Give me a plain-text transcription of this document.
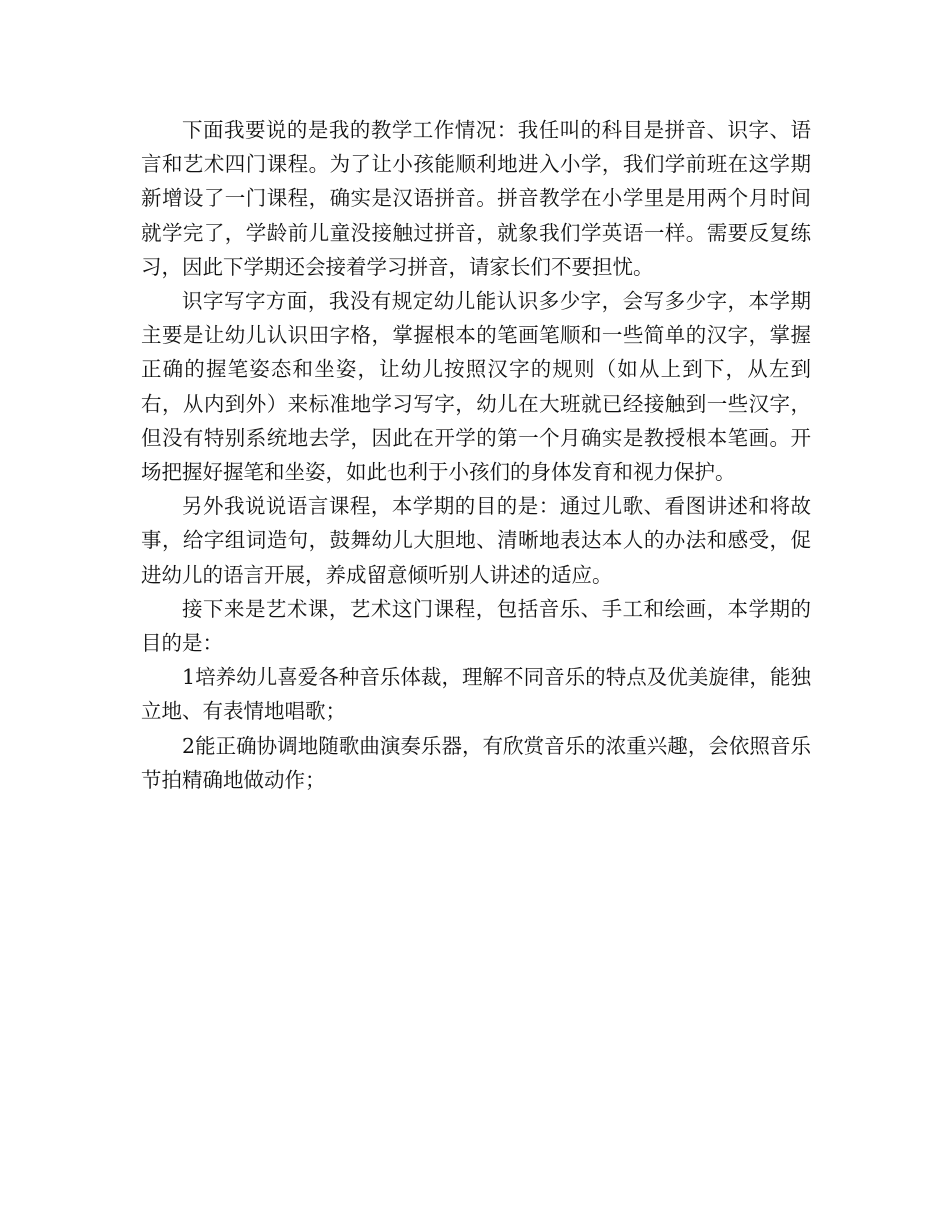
下面我要说的是我的教学工作情况：我任叫的科目是拼音、识字、语言和艺术四门课程。为了让小孩能顺利地进入小学，我们学前班在这学期新增设了一门课程，确实是汉语拼音。拼音教学在小学里是用两个月时间就学完了，学龄前儿童没接触过拼音，就象我们学英语一样。需要反复练习，因此下学期还会接着学习拼音，请家长们不要担忧。

识字写字方面，我没有规定幼儿能认识多少字，会写多少字，本学期主要是让幼儿认识田字格，掌握根本的笔画笔顺和一些简单的汉字，掌握正确的握笔姿态和坐姿，让幼儿按照汉字的规则（如从上到下，从左到右，从内到外）来标准地学习写字，幼儿在大班就已经接触到一些汉字，但没有特别系统地去学，因此在开学的第一个月确实是教授根本笔画。开场把握好握笔和坐姿，如此也利于小孩们的身体发育和视力保护。

另外我说说语言课程，本学期的目的是：通过儿歌、看图讲述和将故事，给字组词造句，鼓舞幼儿大胆地、清晰地表达本人的办法和感受，促进幼儿的语言开展，养成留意倾听别人讲述的适应。

接下来是艺术课，艺术这门课程，包括音乐、手工和绘画，本学期的目的是：

1培养幼儿喜爱各种音乐体裁，理解不同音乐的特点及优美旋律，能独立地、有表情地唱歌；

2能正确协调地随歌曲演奏乐器，有欣赏音乐的浓重兴趣，会依照音乐节拍精确地做动作；
